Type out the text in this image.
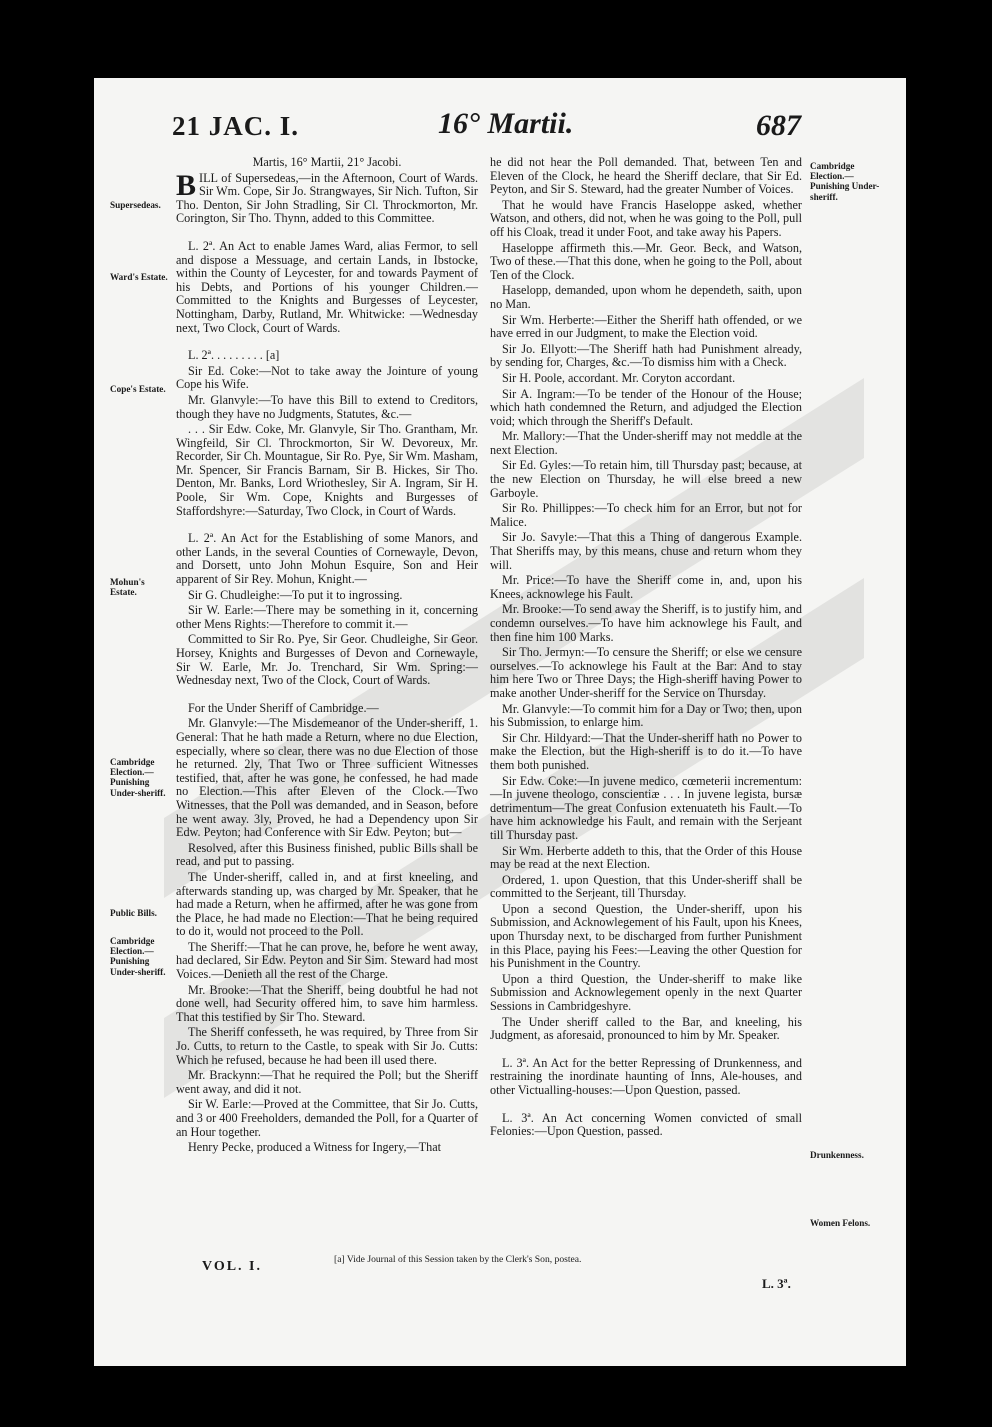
21 JAC. I.	16° Martii.	687
Supersedeas.
Ward's Estate.
Cope's Estate.
Mohun's Estate.
Cambridge Election.— Punishing Under-sheriff.
Public Bills.
Cambridge Election.— Punishing Under-sheriff.
Cambridge Election.— Punishing Under-sheriff.
Drunkenness.
Women Felons.

Martis, 16° Martii, 21° Jacobi.

BILL of Supersedeas,—in the Afternoon, Court of Wards. Sir Wm. Cope, Sir Jo. Strangwayes, Sir Nich. Tufton, Sir Tho. Denton, Sir John Stradling, Sir Cl. Throckmorton, Mr. Corington, Sir Tho. Thynn, added to this Committee.

L. 2ª. An Act to enable James Ward, alias Fermor, to sell and dispose a Messuage, and certain Lands, in Ibstocke, within the County of Leycester, for and towards Payment of his Debts, and Portions of his younger Children.—Committed to the Knights and Burgesses of Leycester, Nottingham, Darby, Rutland, Mr. Whitwicke: —Wednesday next, Two Clock, Court of Wards.

L. 2ª. . . . . . . . . [a]

Sir Ed. Coke:—Not to take away the Jointure of young Cope his Wife.

Mr. Glanvyle:—To have this Bill to extend to Creditors, though they have no Judgments, Statutes, &c.—

. . . Sir Edw. Coke, Mr. Glanvyle, Sir Tho. Grantham, Mr. Wingfeild, Sir Cl. Throckmorton, Sir W. Devoreux, Mr. Recorder, Sir Ch. Mountague, Sir Ro. Pye, Sir Wm. Masham, Mr. Spencer, Sir Francis Barnam, Sir B. Hickes, Sir Tho. Denton, Mr. Banks, Lord Wriothesley, Sir A. Ingram, Sir H. Poole, Sir Wm. Cope, Knights and Burgesses of Staffordshyre:—Saturday, Two Clock, in Court of Wards.

L. 2ª. An Act for the Establishing of some Manors, and other Lands, in the several Counties of Cornewayle, Devon, and Dorsett, unto John Mohun Esquire, Son and Heir apparent of Sir Rey. Mohun, Knight.—

Sir G. Chudleighe:—To put it to ingrossing.

Sir W. Earle:—There may be something in it, concerning other Mens Rights:—Therefore to commit it.—

Committed to Sir Ro. Pye, Sir Geor. Chudleighe, Sir Geor. Horsey, Knights and Burgesses of Devon and Cornewayle, Sir W. Earle, Mr. Jo. Trenchard, Sir Wm. Spring:—Wednesday next, Two of the Clock, Court of Wards.

For the Under Sheriff of Cambridge.—

Mr. Glanvyle:—The Misdemeanor of the Under-sheriff, 1. General: That he hath made a Return, where no due Election, especially, where so clear, there was no due Election of those he returned. 2ly, That Two or Three sufficient Witnesses testified, that, after he was gone, he confessed, he had made no Election.—This after Eleven of the Clock.—Two Witnesses, that the Poll was demanded, and in Season, before he went away. 3ly, Proved, he had a Dependency upon Sir Edw. Peyton; had Conference with Sir Edw. Peyton; but—

Resolved, after this Business finished, public Bills shall be read, and put to passing.

The Under-sheriff, called in, and at first kneeling, and afterwards standing up, was charged by Mr. Speaker, that he had made a Return, when he affirmed, after he was gone from the Place, he had made no Election:—That he being required to do it, would not proceed to the Poll.

The Sheriff:—That he can prove, he, before he went away, had declared, Sir Edw. Peyton and Sir Sim. Steward had most Voices.—Denieth all the rest of the Charge.

Mr. Brooke:—That the Sheriff, being doubtful he had not done well, had Security offered him, to save him harmless. That this testified by Sir Tho. Steward.

The Sheriff confesseth, he was required, by Three from Sir Jo. Cutts, to return to the Castle, to speak with Sir Jo. Cutts: Which he refused, because he had been ill used there.

Mr. Brackynn:—That he required the Poll; but the Sheriff went away, and did it not.

Sir W. Earle:—Proved at the Committee, that Sir Jo. Cutts, and 3 or 400 Freeholders, demanded the Poll, for a Quarter of an Hour together.

Henry Pecke, produced a Witness for Ingery,—That

he did not hear the Poll demanded. That, between Ten and Eleven of the Clock, he heard the Sheriff declare, that Sir Ed. Peyton, and Sir S. Steward, had the greater Number of Voices.

That he would have Francis Haseloppe asked, whether Watson, and others, did not, when he was going to the Poll, pull off his Cloak, tread it under Foot, and take away his Papers.

Haseloppe affirmeth this.—Mr. Geor. Beck, and Watson, Two of these.—That this done, when he going to the Poll, about Ten of the Clock.

Haselopp, demanded, upon whom he dependeth, saith, upon no Man.

Sir Wm. Herberte:—Either the Sheriff hath offended, or we have erred in our Judgment, to make the Election void.

Sir Jo. Ellyott:—The Sheriff hath had Punishment already, by sending for, Charges, &c.—To dismiss him with a Check.

Sir H. Poole, accordant. Mr. Coryton accordant.

Sir A. Ingram:—To be tender of the Honour of the House; which hath condemned the Return, and adjudged the Election void; which through the Sheriff's Default.

Mr. Mallory:—That the Under-sheriff may not meddle at the next Election.

Sir Ed. Gyles:—To retain him, till Thursday past; because, at the new Election on Thursday, he will else breed a new Garboyle.

Sir Ro. Phillippes:—To check him for an Error, but not for Malice.

Sir Jo. Savyle:—That this a Thing of dangerous Example. That Sheriffs may, by this means, chuse and return whom they will.

Mr. Price:—To have the Sheriff come in, and, upon his Knees, acknowlege his Fault.

Mr. Brooke:—To send away the Sheriff, is to justify him, and condemn ourselves.—To have him acknowlege his Fault, and then fine him 100 Marks.

Sir Tho. Jermyn:—To censure the Sheriff; or else we censure ourselves.—To acknowlege his Fault at the Bar: And to stay him here Two or Three Days; the High-sheriff having Power to make another Under-sheriff for the Service on Thursday.

Mr. Glanvyle:—To commit him for a Day or Two; then, upon his Submission, to enlarge him.

Sir Chr. Hildyard:—That the Under-sheriff hath no Power to make the Election, but the High-sheriff is to do it.—To have them both punished.

Sir Edw. Coke:—In juvene medico, cœmeterii incrementum:—In juvene theologo, conscientiæ . . . In juvene legista, bursæ detrimentum—The great Confusion extenuateth his Fault.—To have him acknowledge his Fault, and remain with the Serjeant till Thursday past.

Sir Wm. Herberte addeth to this, that the Order of this House may be read at the next Election.

Ordered, 1. upon Question, that this Under-sheriff shall be committed to the Serjeant, till Thursday.

Upon a second Question, the Under-sheriff, upon his Submission, and Acknowlegement of his Fault, upon his Knees, upon Thursday next, to be discharged from further Punishment in this Place, paying his Fees:—Leaving the other Question for his Punishment in the Country.

Upon a third Question, the Under-sheriff to make like Submission and Acknowlegement openly in the next Quarter Sessions in Cambridgeshyre.

The Under sheriff called to the Bar, and kneeling, his Judgment, as aforesaid, pronounced to him by Mr. Speaker.

L. 3ª. An Act for the better Repressing of Drunkenness, and restraining the inordinate haunting of Inns, Ale-houses, and other Victualling-houses:—Upon Question, passed.

L. 3ª. An Act concerning Women convicted of small Felonies:—Upon Question, passed.

VOL. I.	[a] Vide Journal of this Session taken by the Clerk's Son, postea.
L. 3ª.
